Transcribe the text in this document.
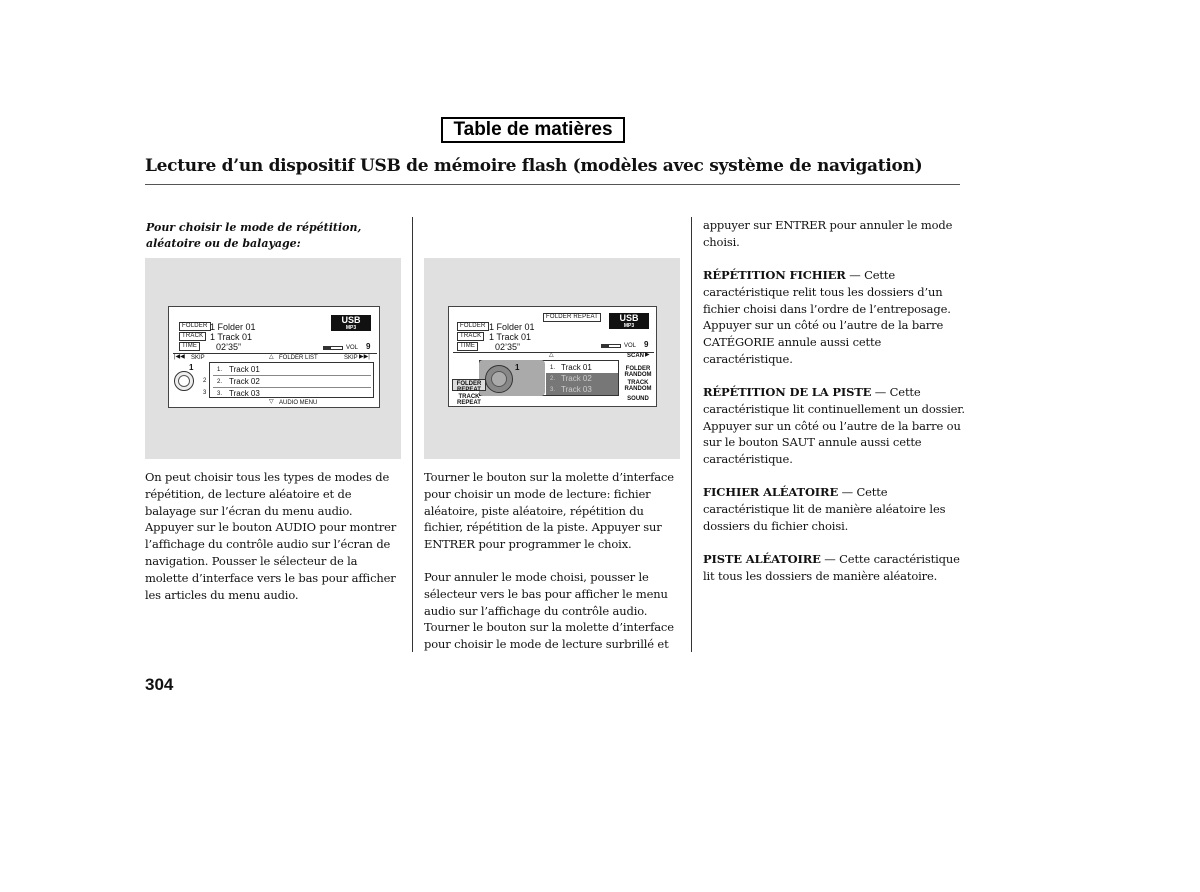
Table de matières
Lecture d’un dispositif USB de mémoire flash (modèles avec système de navigation)
Pour choisir le mode de répétition, aléatoire ou de balayage:
FOLDER
TRACK
TIME
1 Folder 01
1 Track 01
02’35”
USB
MP3
VOL 9
|◀◀ SKIP	△ FOLDER LIST	SKIP ▶▶|
1	1. Track 01
2. Track 02
3. Track 03
2
3
▽ AUDIO MENU

On peut choisir tous les types de modes de répétition, de lecture aléatoire et de balayage sur l’écran du menu audio. Appuyer sur le bouton AUDIO pour montrer l’affichage du contrôle audio sur l’écran de navigation. Pousser le sélecteur de la molette d’interface vers le bas pour afficher les articles du menu audio.

FOLDER REPEAT
FOLDER
TRACK
TIME
1 Folder 01
1 Track 01
02’35”
USB
MP3
VOL 9
△	SCAN ▶
1. Track 01
2. Track 02
3. Track 03
1
FOLDER REPEAT
TRACK REPEAT
FOLDER RANDOM
TRACK RANDOM
SOUND

Tourner le bouton sur la molette d’interface pour choisir un mode de lecture: fichier aléatoire, piste aléatoire, répétition du fichier, répétition de la piste. Appuyer sur ENTRER pour programmer le choix.

Pour annuler le mode choisi, pousser le sélecteur vers le bas pour afficher le menu audio sur l’affichage du contrôle audio. Tourner le bouton sur la molette d’interface pour choisir le mode de lecture surbrillé et

appuyer sur ENTRER pour annuler le mode choisi.

RÉPÉTITION FICHIER — Cette caractéristique relit tous les dossiers d’un fichier choisi dans l’ordre de l’entreposage. Appuyer sur un côté ou l’autre de la barre CATÉGORIE annule aussi cette caractéristique.

RÉPÉTITION DE LA PISTE — Cette caractéristique lit continuellement un dossier. Appuyer sur un côté ou l’autre de la barre ou sur le bouton SAUT annule aussi cette caractéristique.

FICHIER ALÉATOIRE — Cette caractéristique lit de manière aléatoire les dossiers du fichier choisi.

PISTE ALÉATOIRE — Cette caractéristique lit tous les dossiers de manière aléatoire.

304
